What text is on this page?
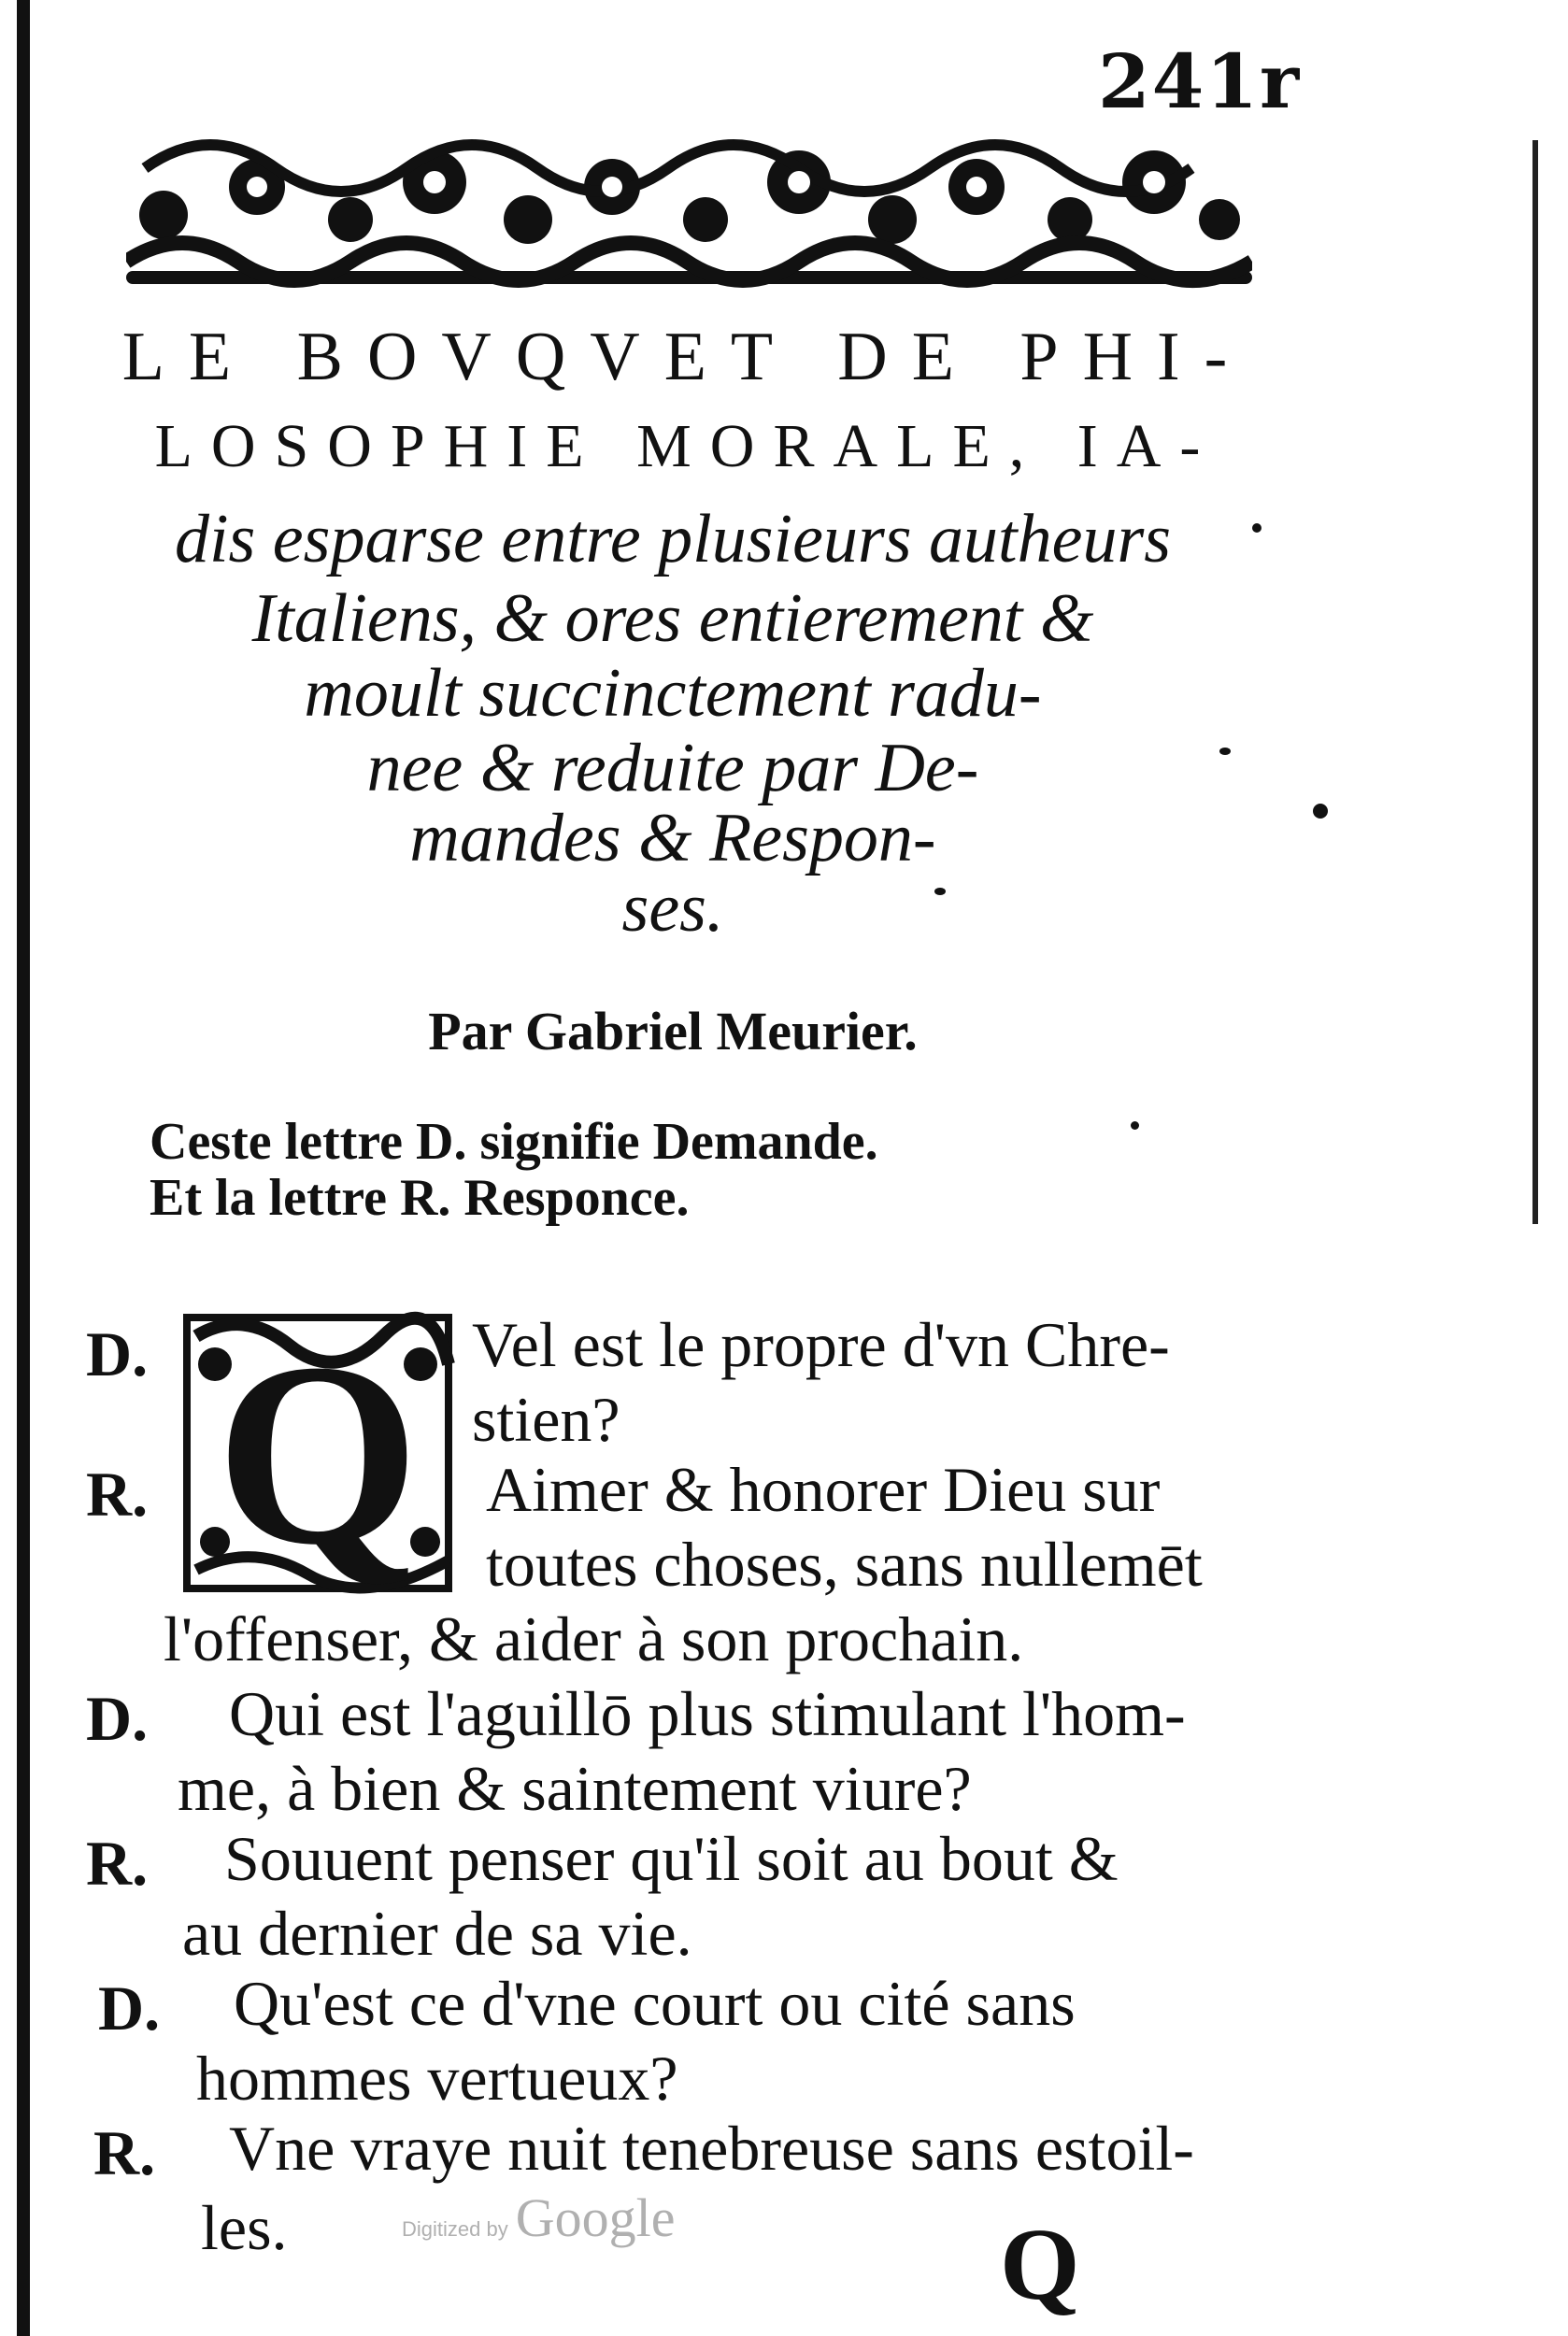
241r
LE BOVQVET DE PHI-
LOSOPHIE MORALE, IA-
dis esparse entre plusieurs autheurs
Italiens, & ores entierement &
moult succinctement radu-
nee & reduite par De-
mandes & Respon-
ses.
Par Gabriel Meurier.
Ceste lettre D. signifie Demande.
Et la lettre R. Responce.
Q
D.	Vel est le propre d'vn Chre-
stien?
R.	Aimer & honorer Dieu sur
toutes choses, sans nullemēt
l'offenser, & aider à son prochain.
D. Qui est l'aguillō plus stimulant l'hom-
me, à bien & saintement viure?
R. Souuent penser qu'il soit au bout &
au dernier de sa vie.
D. Qu'est ce d'vne court ou cité sans
hommes vertueux?
R. Vne vraye nuit tenebreuse sans estoil-
les.	Digitized by Google	Q
